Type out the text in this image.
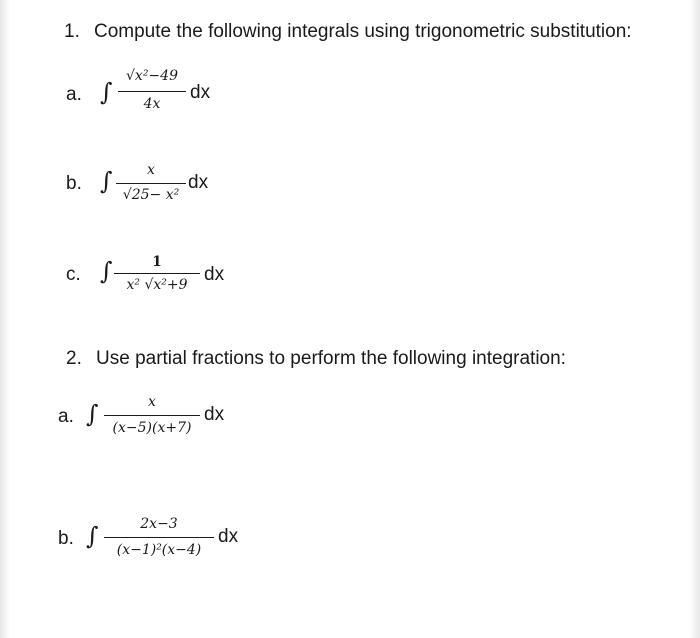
1. Compute the following integrals using trigonometric substitution:
a. ∫
√x²−49
4x
dx
b. ∫	x
√25− x²
dx
c. ∫	1
x² √x²+9 dx
2. Use partial fractions to perform the following integration:
a. ∫	x
(x−5)(x+7)
dx
b. ∫	2x−3
(x−1)²(x−4)
dx
